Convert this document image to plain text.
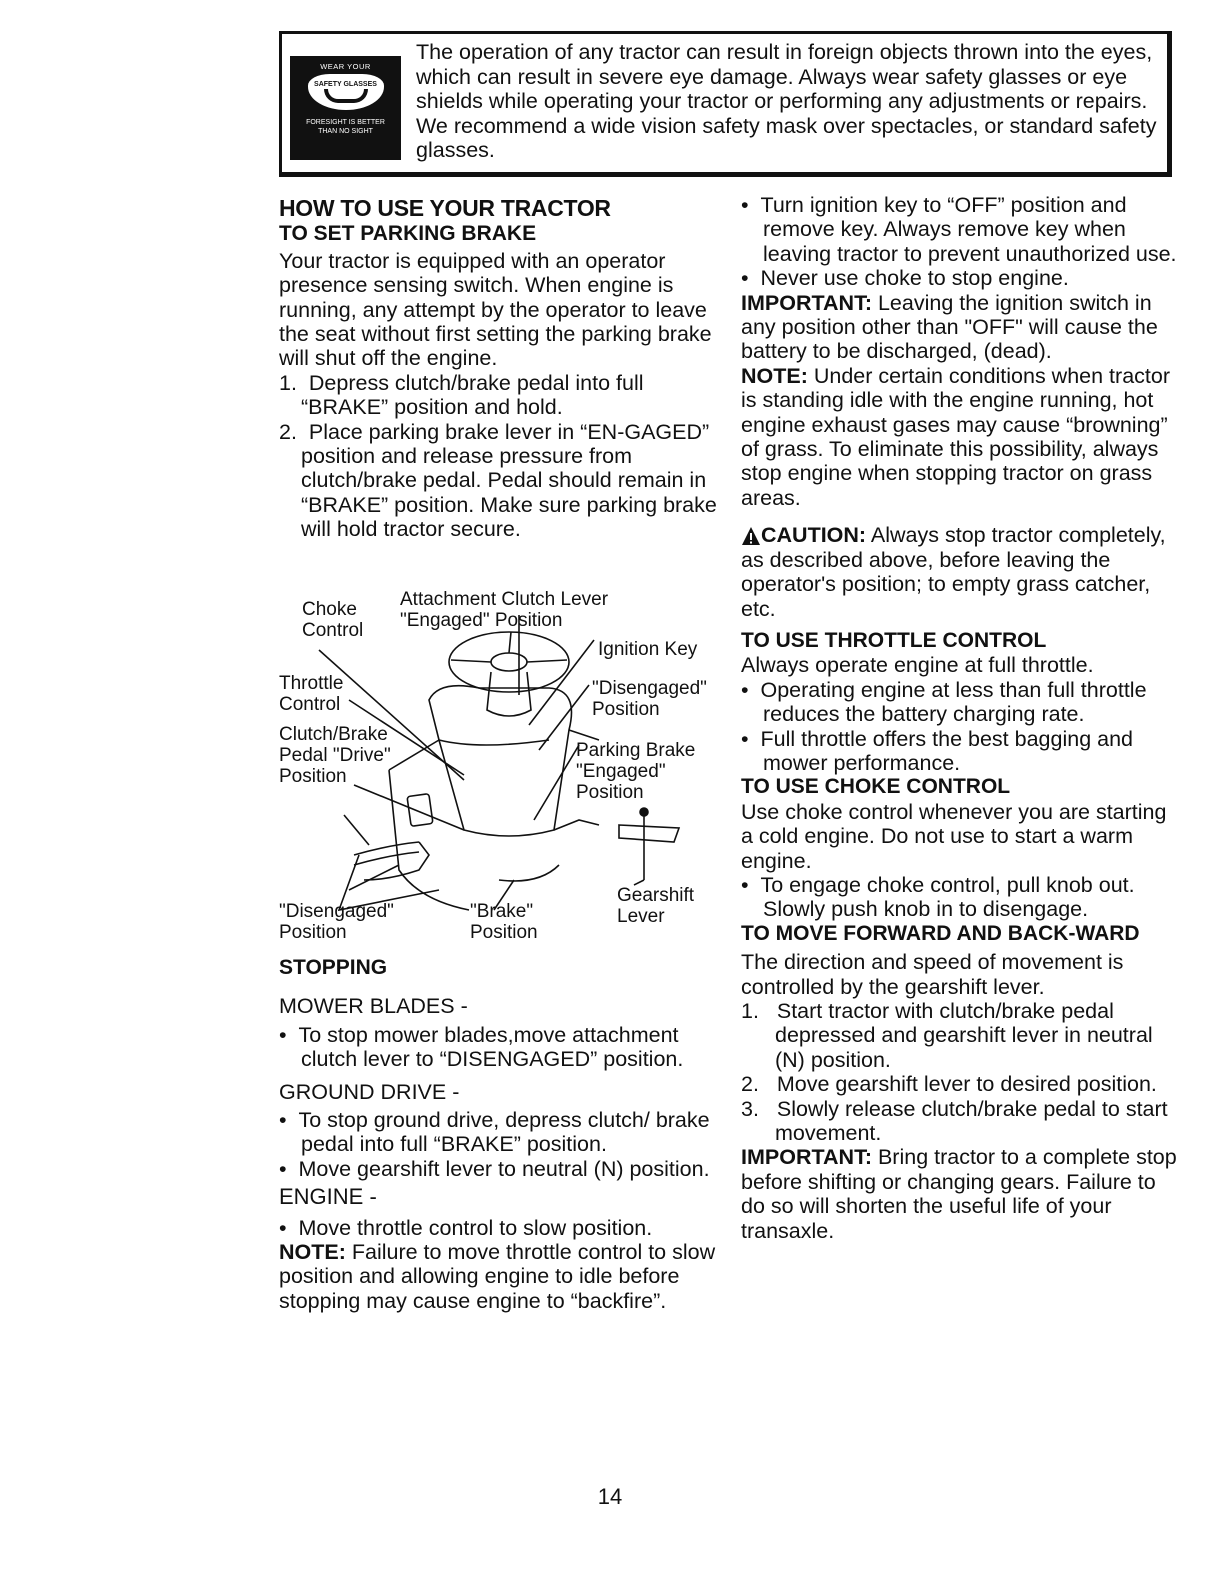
WEAR YOUR
SAFETY GLASSES
FORESIGHT IS BETTER
THAN NO SIGHT
The operation of any tractor can result in foreign objects thrown into the eyes, which can result in severe eye damage. Always wear safety glasses or eye shields while operating your tractor or performing any adjustments or repairs. We recommend a wide vision safety mask over spectacles, or standard safety glasses.

HOW TO USE YOUR TRACTOR

TO SET PARKING BRAKE

Your tractor is equipped with an operator presence sensing switch. When engine is running, any attempt by the operator to leave the seat without first setting the parking brake will shut off the engine.

1. Depress clutch/brake pedal into full “BRAKE” position and hold.

2. Place parking brake lever in “EN-GAGED” position and release pressure from clutch/brake pedal. Pedal should remain in “BRAKE” position. Make sure parking brake will hold tractor secure.

Choke
Control
Attachment Clutch Lever
"Engaged" Position
Ignition Key
Throttle
Control
"Disengaged"
Position
Clutch/Brake
Pedal "Drive"
Position
Parking Brake
"Engaged"
Position
Gearshift
Lever
"Disengaged"
Position
"Brake"
Position

STOPPING

MOWER BLADES -

•  To stop mower blades,move attachment clutch lever to “DISENGAGED” position.

GROUND DRIVE -

•  To stop ground drive, depress clutch/ brake pedal into full “BRAKE” position.

•  Move gearshift lever to neutral (N) position.

ENGINE -

•  Move throttle control to slow position.

NOTE: Failure to move throttle control to slow position and allowing engine to idle before stopping may cause engine to “backfire”.

•  Turn ignition key to “OFF” position and remove key. Always remove key when leaving tractor to prevent unauthorized use.

•  Never use choke to stop engine.

IMPORTANT: Leaving the ignition switch in any position other than "OFF" will cause the battery to be discharged, (dead).

NOTE: Under certain conditions when tractor is standing idle with the engine running, hot engine exhaust gases may cause “browning” of grass. To eliminate this possibility, always stop engine when stopping tractor on grass areas.

CAUTION: Always stop tractor completely, as described above, before leaving the operator's position; to empty grass catcher, etc.

TO USE THROTTLE CONTROL

Always operate engine at full throttle.

•  Operating engine at less than full throttle reduces the battery charging rate.

•  Full throttle offers the best bagging and mower performance.

TO USE CHOKE CONTROL

Use choke control whenever you are starting a cold engine. Do not use to start a warm engine.

•  To engage choke control, pull knob out. Slowly push knob in to disengage.

TO MOVE FORWARD AND BACK-WARD

The direction and speed of movement is controlled by the gearshift lever.

1. Start tractor with clutch/brake pedal depressed and gearshift lever in neutral (N) position.

2. Move gearshift lever to desired position.

3. Slowly release clutch/brake pedal to start movement.

IMPORTANT: Bring tractor to a complete stop before shifting or changing gears. Failure to do so will shorten the useful life of your transaxle.

14
